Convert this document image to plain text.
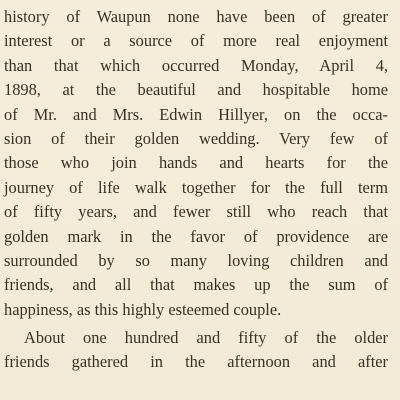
history of Waupun none have been of greater
interest or a source of more real enjoyment
than that which occurred Monday, April 4,
1898, at the beautiful and hospitable home
of Mr. and Mrs. Edwin Hillyer, on the occa-
sion of their golden wedding. Very few of
those who join hands and hearts for the
journey of life walk together for the full term
of fifty years, and fewer still who reach that
golden mark in the favor of providence are
surrounded by so many loving children and
friends, and all that makes up the sum of
happiness, as this highly esteemed couple.
About one hundred and fifty of the older
friends gathered in the afternoon and after
